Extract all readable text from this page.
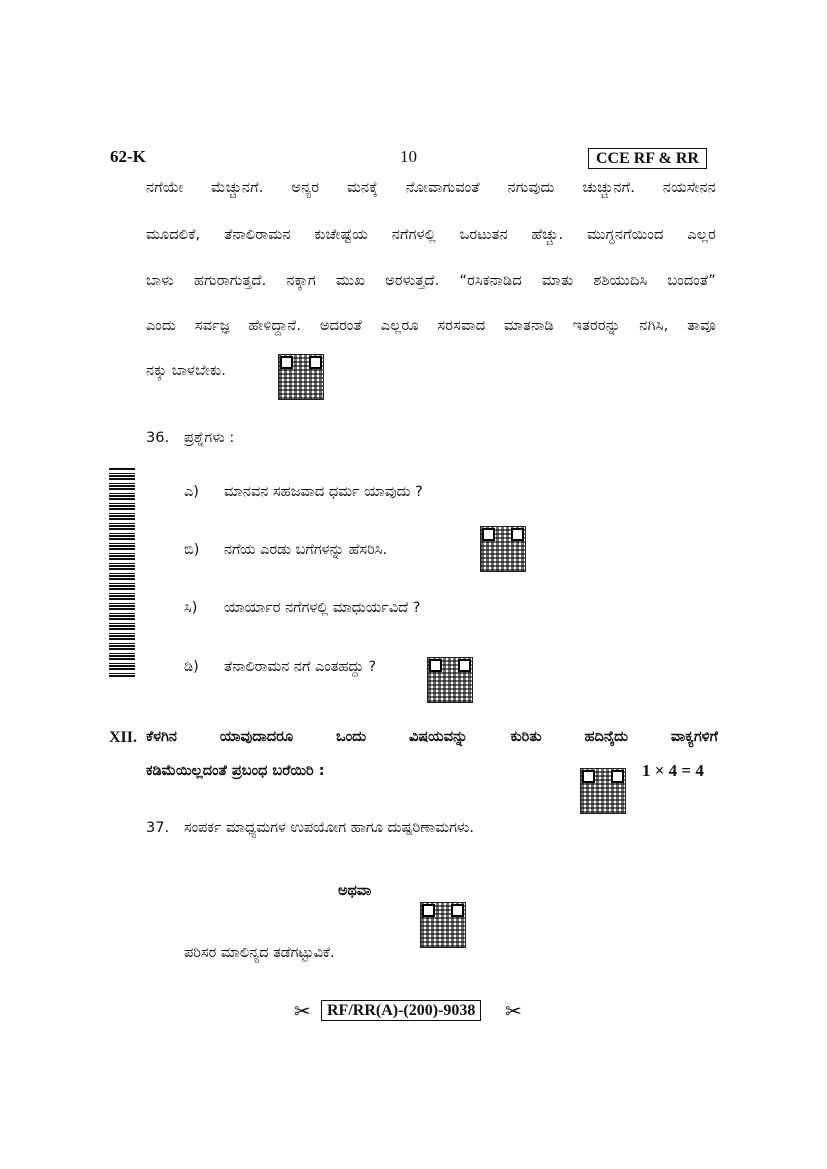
62-K	10	CCE RF & RR
ನಗೆಯೇ ಮೆಚ್ಚುನಗೆ. ಅನ್ಯರ ಮನಕ್ಕೆ ನೋವಾಗುವಂತೆ ನಗುವುದು ಚುಚ್ಚುನಗೆ. ನಯಸೇನನ
ಮೂದಲಿಕೆ, ತೆನಾಲಿರಾಮನ ಕುಚೇಷ್ಟೆಯ ನಗೆಗಳಲ್ಲಿ ಒರಟುತನ ಹೆಚ್ಚು. ಮುಗ್ಧನಗೆಯಿಂದ ಎಲ್ಲರ
ಬಾಳು ಹಗುರಾಗುತ್ತದೆ. ನಕ್ಕಾಗ ಮುಖ ಅರಳುತ್ತದೆ. “ರಸಿಕನಾಡಿದ ಮಾತು ಶಶಿಯುದಿಸಿ ಬಂದಂತೆ”
ಎಂದು ಸರ್ವಜ್ಞ ಹೇಳಿದ್ದಾನೆ. ಅದರಂತೆ ಎಲ್ಲರೂ ಸರಸವಾದ ಮಾತನಾಡಿ ಇತರರನ್ನು ನಗಿಸಿ, ತಾವೂ
ನಕ್ಕು ಬಾಳಬೇಕು.
36. ಪ್ರಶ್ನೆಗಳು :
ಎ) ಮಾನವನ ಸಹಜವಾದ ಧರ್ಮ ಯಾವುದು ?
ಬಿ) ನಗೆಯ ಎರಡು ಬಗೆಗಳನ್ನು ಹೆಸರಿಸಿ.
ಸಿ) ಯಾರ್ಯಾರ ನಗೆಗಳಲ್ಲಿ ಮಾಧುರ್ಯವಿದೆ ?
ಡಿ) ತೆನಾಲಿರಾಮನ ನಗೆ ಎಂತಹದ್ದು ?
XII. ಕೆಳಗಿನ	ಯಾವುದಾದರೂ	ಒಂದು	ವಿಷಯವನ್ನು	ಕುರಿತು	ಹದಿನೈದು	ವಾಕ್ಯಗಳಿಗೆ
ಕಡಿಮೆಯಿಲ್ಲದಂತೆ ಪ್ರಬಂಧ ಬರೆಯಿರಿ :	1 × 4 = 4
37. ಸಂಪರ್ಕ ಮಾಧ್ಯಮಗಳ ಉಪಯೋಗ ಹಾಗೂ ದುಷ್ಪರಿಣಾಮಗಳು.
ಅಥವಾ
ಪರಿಸರ ಮಾಲಿನ್ಯದ ತಡೆಗಟ್ಟುವಿಕೆ.
✂	RF/RR(A)-(200)-9038	✂
